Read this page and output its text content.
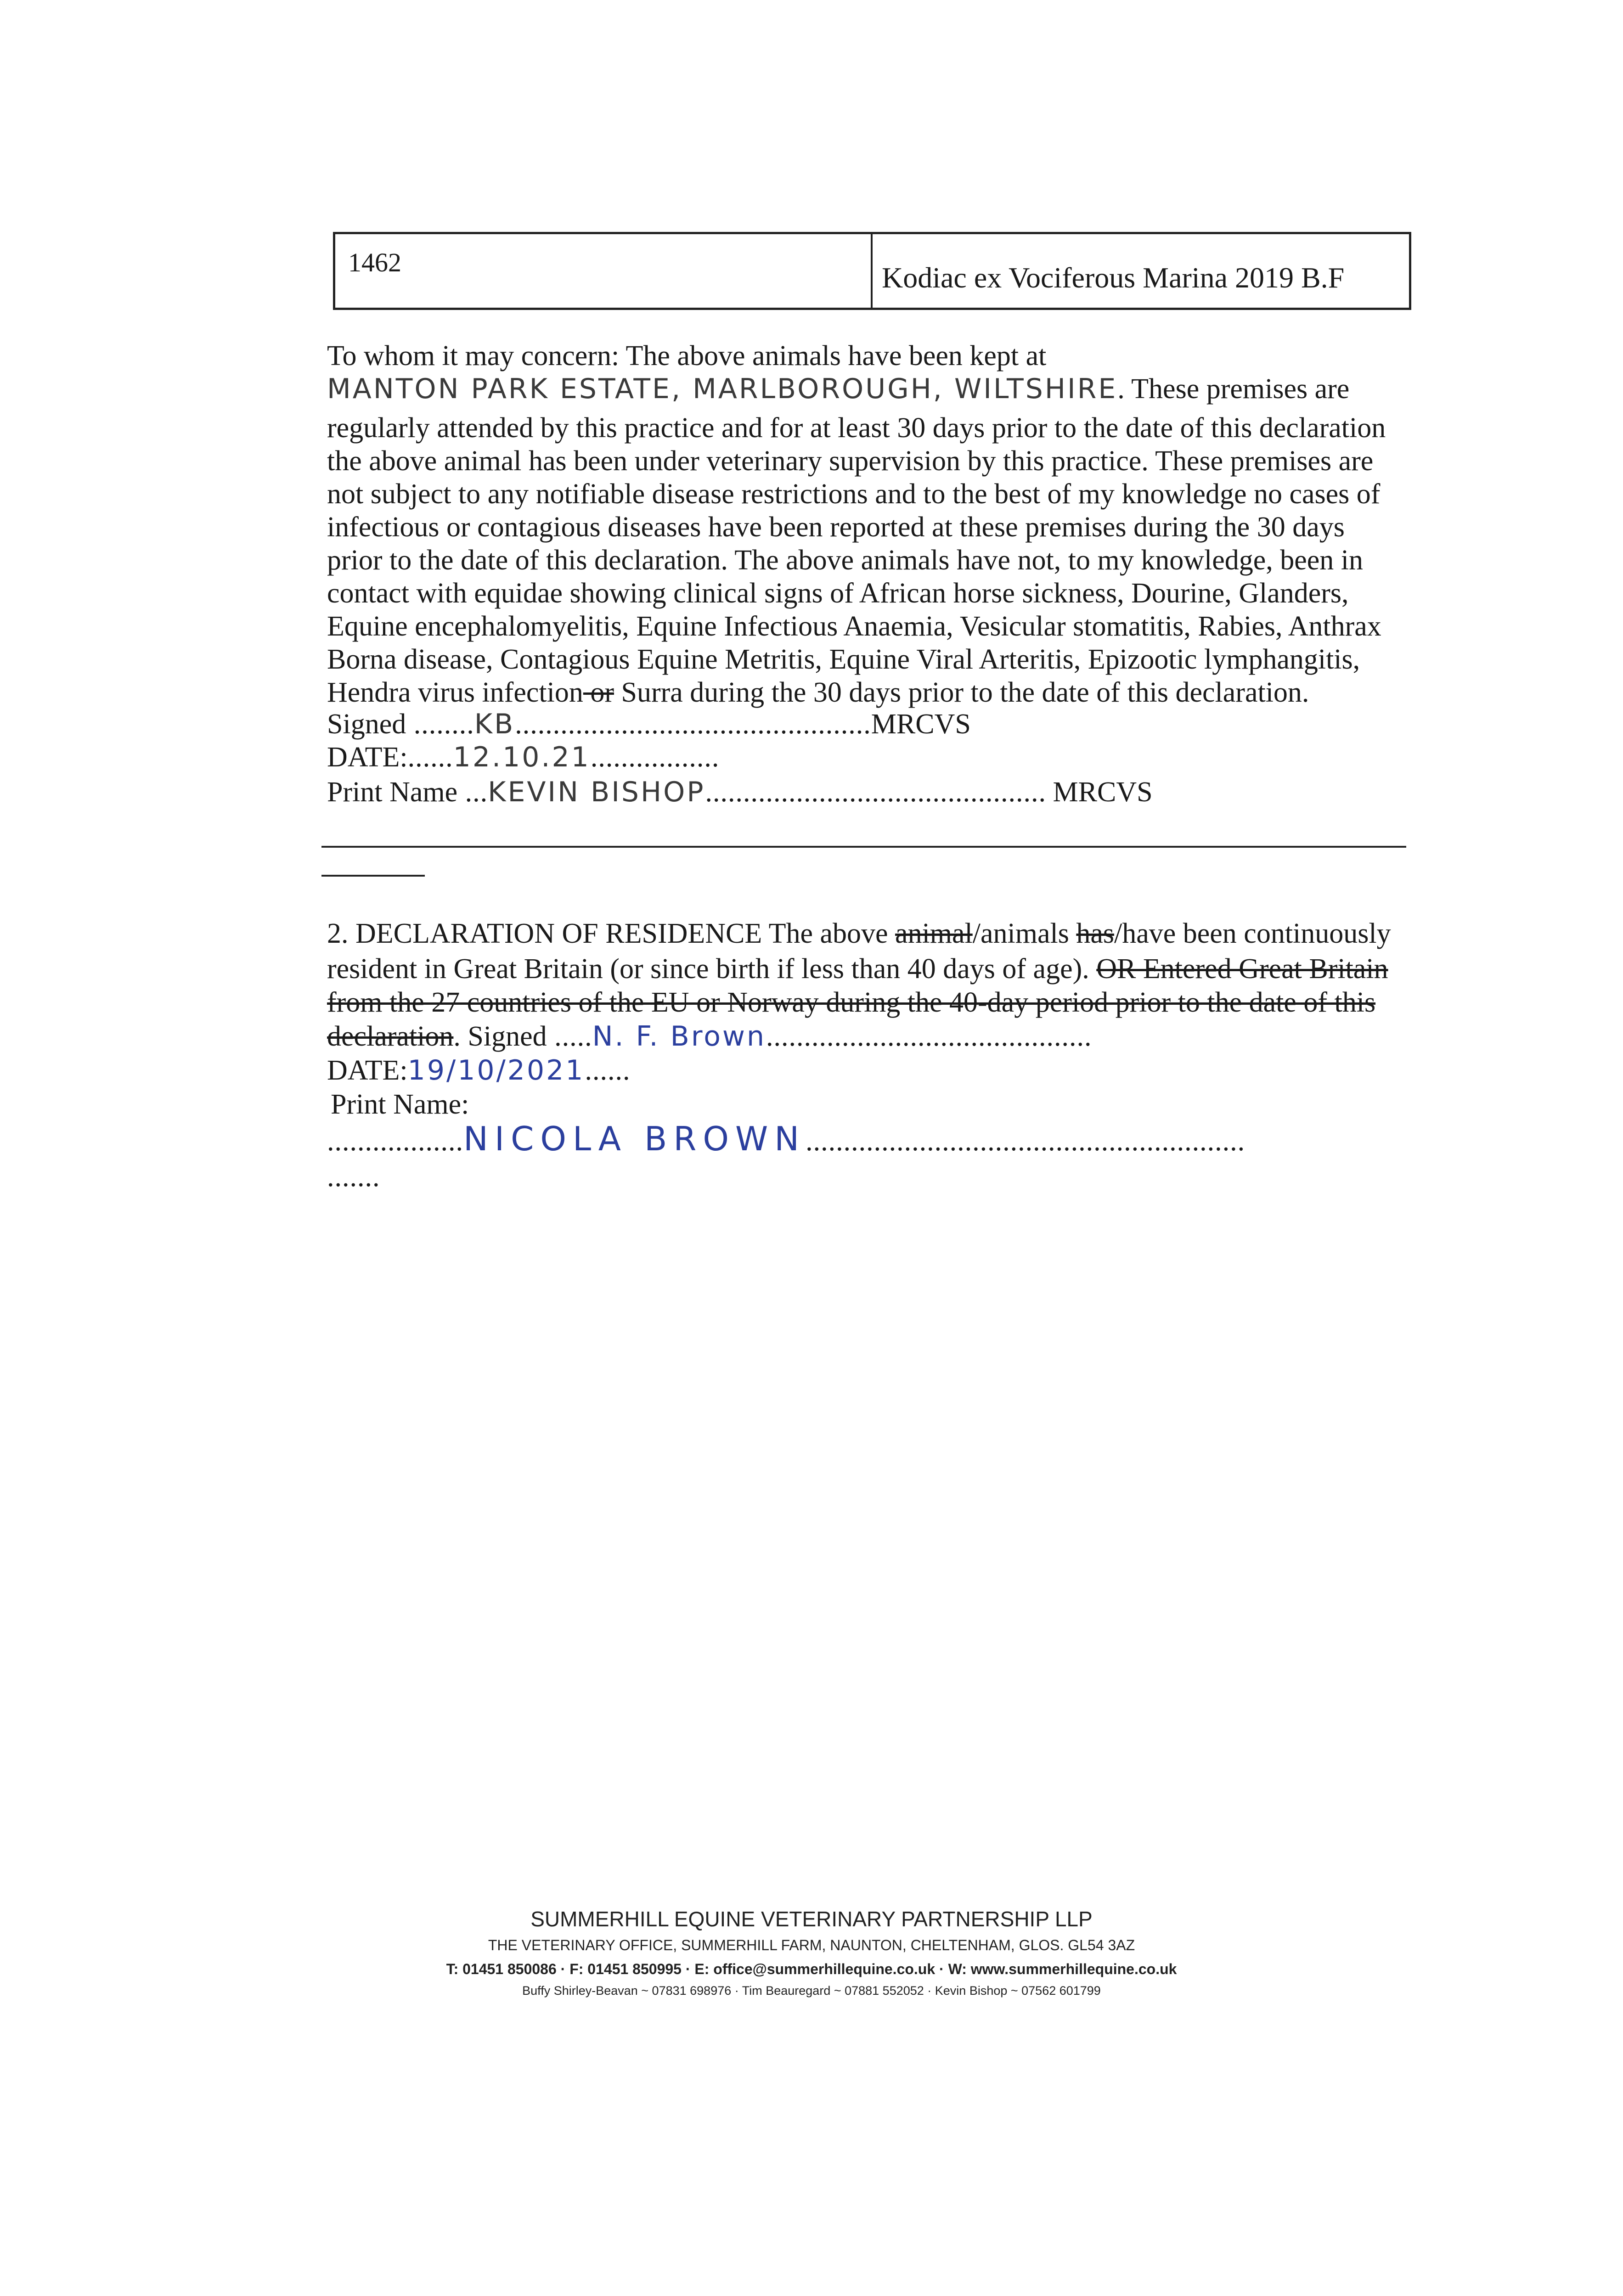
1462	Kodiac ex Vociferous Marina 2019 B.F
To whom it may concern: The above animals have been kept at
MANTON PARK ESTATE, MARLBOROUGH, WILTSHIRE. These premises are
regularly attended by this practice and for at least 30 days prior to the date of this declaration
the above animal has been under veterinary supervision by this practice. These premises are
not subject to any notifiable disease restrictions and to the best of my knowledge no cases of
infectious or contagious diseases have been reported at these premises during the 30 days
prior to the date of this declaration. The above animals have not, to my knowledge, been in
contact with equidae showing clinical signs of African horse sickness, Dourine, Glanders,
Equine encephalomyelitis, Equine Infectious Anaemia, Vesicular stomatitis, Rabies, Anthrax
Borna disease, Contagious Equine Metritis, Equine Viral Arteritis, Epizootic lymphangitis,
Hendra virus infection or Surra during the 30 days prior to the date of this declaration.
Signed ........KB...............................................MRCVS
DATE:......12.10.21.................
Print Name ...KEVIN BISHOP............................................. MRCVS
2. DECLARATION OF RESIDENCE The above animal/animals has/have been continuously
resident in Great Britain (or since birth if less than 40 days of age). OR Entered Great Britain
from the 27 countries of the EU or Norway during the 40-day period prior to the date of this
declaration. Signed .....N. F. Brown...........................................
DATE:19/10/2021......
Print Name:
..................NICOLA BROWN..........................................................
.......
SUMMERHILL EQUINE VETERINARY PARTNERSHIP LLP
THE VETERINARY OFFICE, SUMMERHILL FARM, NAUNTON, CHELTENHAM, GLOS. GL54 3AZ
T: 01451 850086 · F: 01451 850995 · E: office@summerhillequine.co.uk · W: www.summerhillequine.co.uk
Buffy Shirley-Beavan ~ 07831 698976 · Tim Beauregard ~ 07881 552052 · Kevin Bishop ~ 07562 601799
